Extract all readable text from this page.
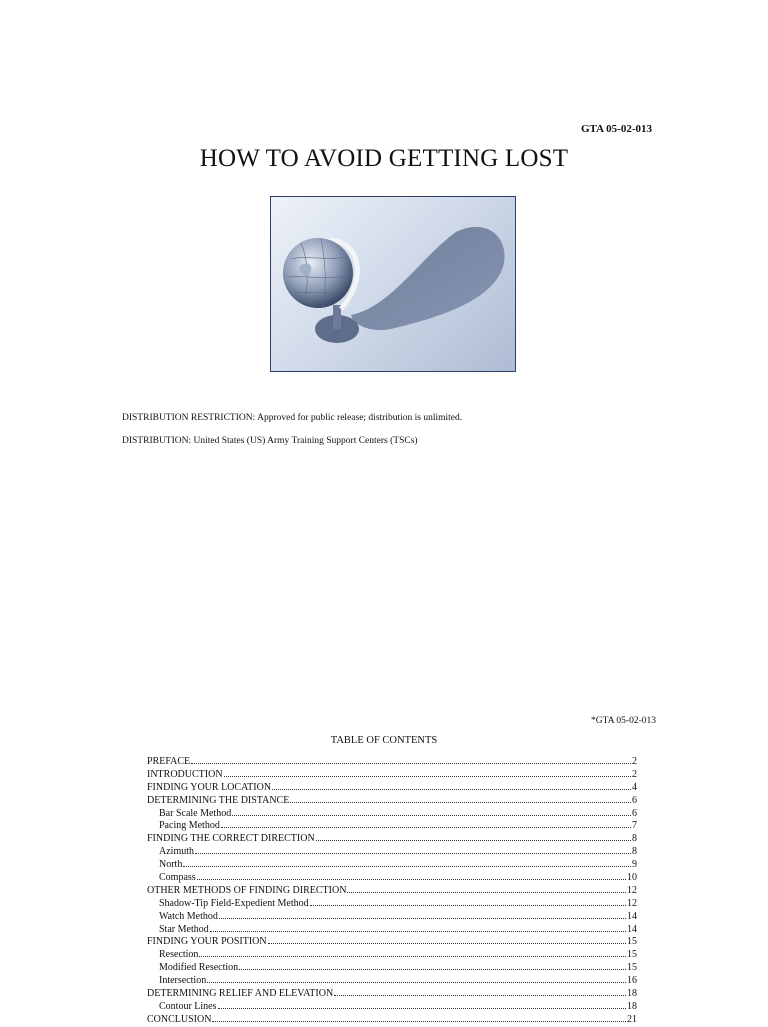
GTA 05-02-013
HOW TO AVOID GETTING LOST
DISTRIBUTION RESTRICTION: Approved for public release; distribution is unlimited.
DISTRIBUTION: United States (US) Army Training Support Centers (TSCs)
*GTA 05-02-013
TABLE OF CONTENTS
PREFACE	2
INTRODUCTION	2
FINDING YOUR LOCATION	4
DETERMINING THE DISTANCE	6
Bar Scale Method	6
Pacing Method	7
FINDING THE CORRECT DIRECTION	8
Azimuth	8
North	9
Compass	10
OTHER METHODS OF FINDING DIRECTION	12
Shadow-Tip Field-Expedient Method	12
Watch Method	14
Star Method	14
FINDING YOUR POSITION	15
Resection	15
Modified Resection	15
Intersection	16
DETERMINING RELIEF AND ELEVATION	18
Contour Lines	18
CONCLUSION	21
